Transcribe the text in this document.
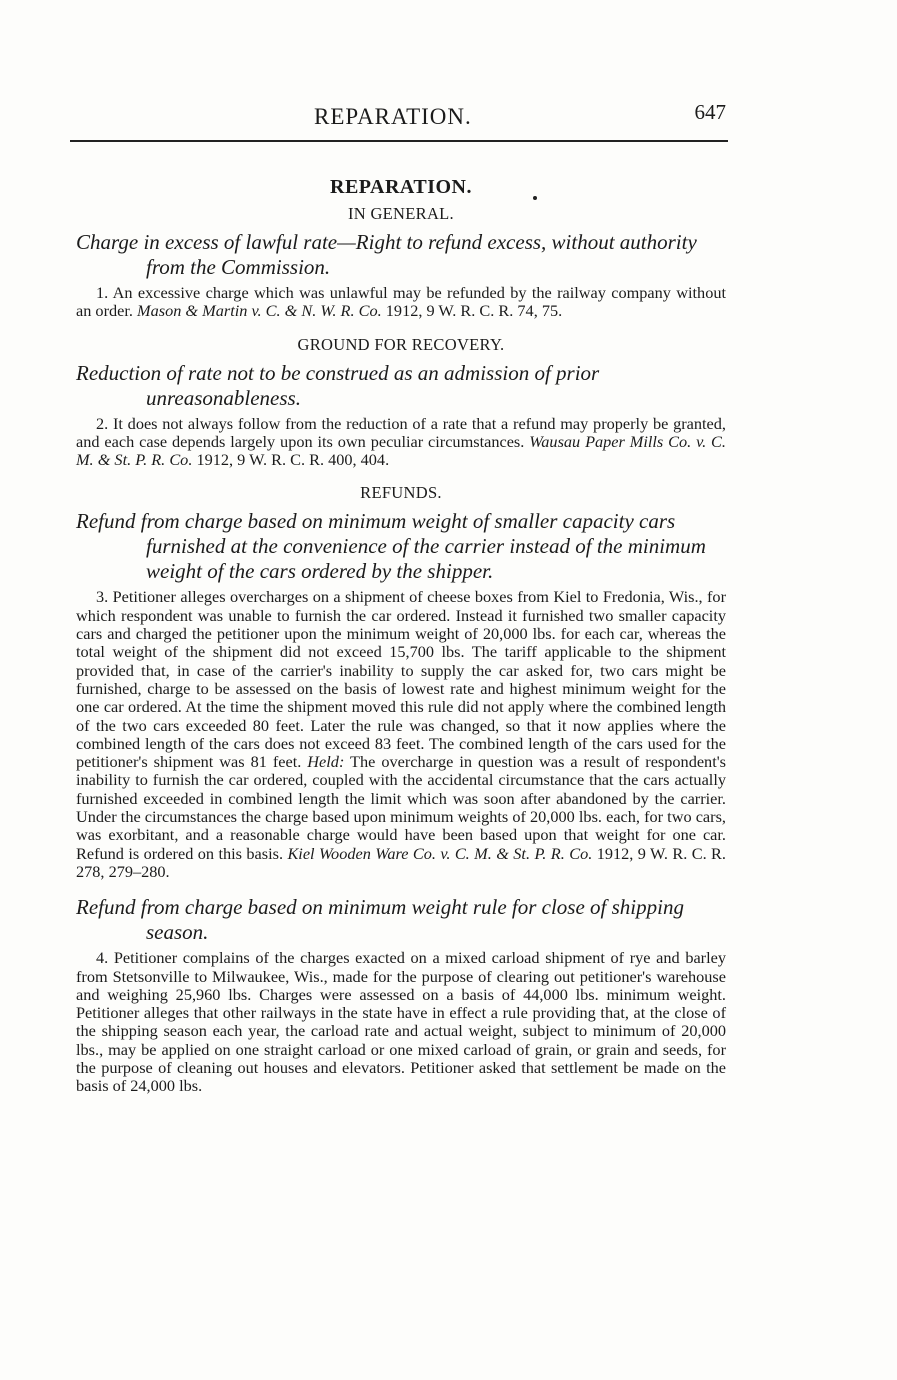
REPARATION.	647
REPARATION.
IN GENERAL.
Charge in excess of lawful rate—Right to refund excess, without authority from the Commission.

1. An excessive charge which was unlawful may be refunded by the railway company without an order. Mason & Martin v. C. & N. W. R. Co. 1912, 9 W. R. C. R. 74, 75.

GROUND FOR RECOVERY.
Reduction of rate not to be construed as an admission of prior unreasonableness.

2. It does not always follow from the reduction of a rate that a refund may properly be granted, and each case depends largely upon its own peculiar circumstances. Wausau Paper Mills Co. v. C. M. & St. P. R. Co. 1912, 9 W. R. C. R. 400, 404.

REFUNDS.
Refund from charge based on minimum weight of smaller capacity cars furnished at the convenience of the carrier instead of the minimum weight of the cars ordered by the shipper.

3. Petitioner alleges overcharges on a shipment of cheese boxes from Kiel to Fredonia, Wis., for which respondent was unable to furnish the car ordered. Instead it furnished two smaller capacity cars and charged the petitioner upon the minimum weight of 20,000 lbs. for each car, whereas the total weight of the shipment did not exceed 15,700 lbs. The tariff applicable to the shipment provided that, in case of the carrier's inability to supply the car asked for, two cars might be furnished, charge to be assessed on the basis of lowest rate and highest minimum weight for the one car ordered. At the time the shipment moved this rule did not apply where the combined length of the two cars exceeded 80 feet. Later the rule was changed, so that it now applies where the combined length of the cars does not exceed 83 feet. The combined length of the cars used for the petitioner's shipment was 81 feet. Held: The overcharge in question was a result of respondent's inability to furnish the car ordered, coupled with the accidental circumstance that the cars actually furnished exceeded in combined length the limit which was soon after abandoned by the carrier. Under the circumstances the charge based upon minimum weights of 20,000 lbs. each, for two cars, was exorbitant, and a reasonable charge would have been based upon that weight for one car. Refund is ordered on this basis. Kiel Wooden Ware Co. v. C. M. & St. P. R. Co. 1912, 9 W. R. C. R. 278, 279–280.

Refund from charge based on minimum weight rule for close of shipping season.

4. Petitioner complains of the charges exacted on a mixed carload shipment of rye and barley from Stetsonville to Milwaukee, Wis., made for the purpose of clearing out petitioner's warehouse and weighing 25,960 lbs. Charges were assessed on a basis of 44,000 lbs. minimum weight. Petitioner alleges that other railways in the state have in effect a rule providing that, at the close of the shipping season each year, the carload rate and actual weight, subject to minimum of 20,000 lbs., may be applied on one straight carload or one mixed carload of grain, or grain and seeds, for the purpose of cleaning out houses and elevators. Petitioner asked that settlement be made on the basis of 24,000 lbs.
